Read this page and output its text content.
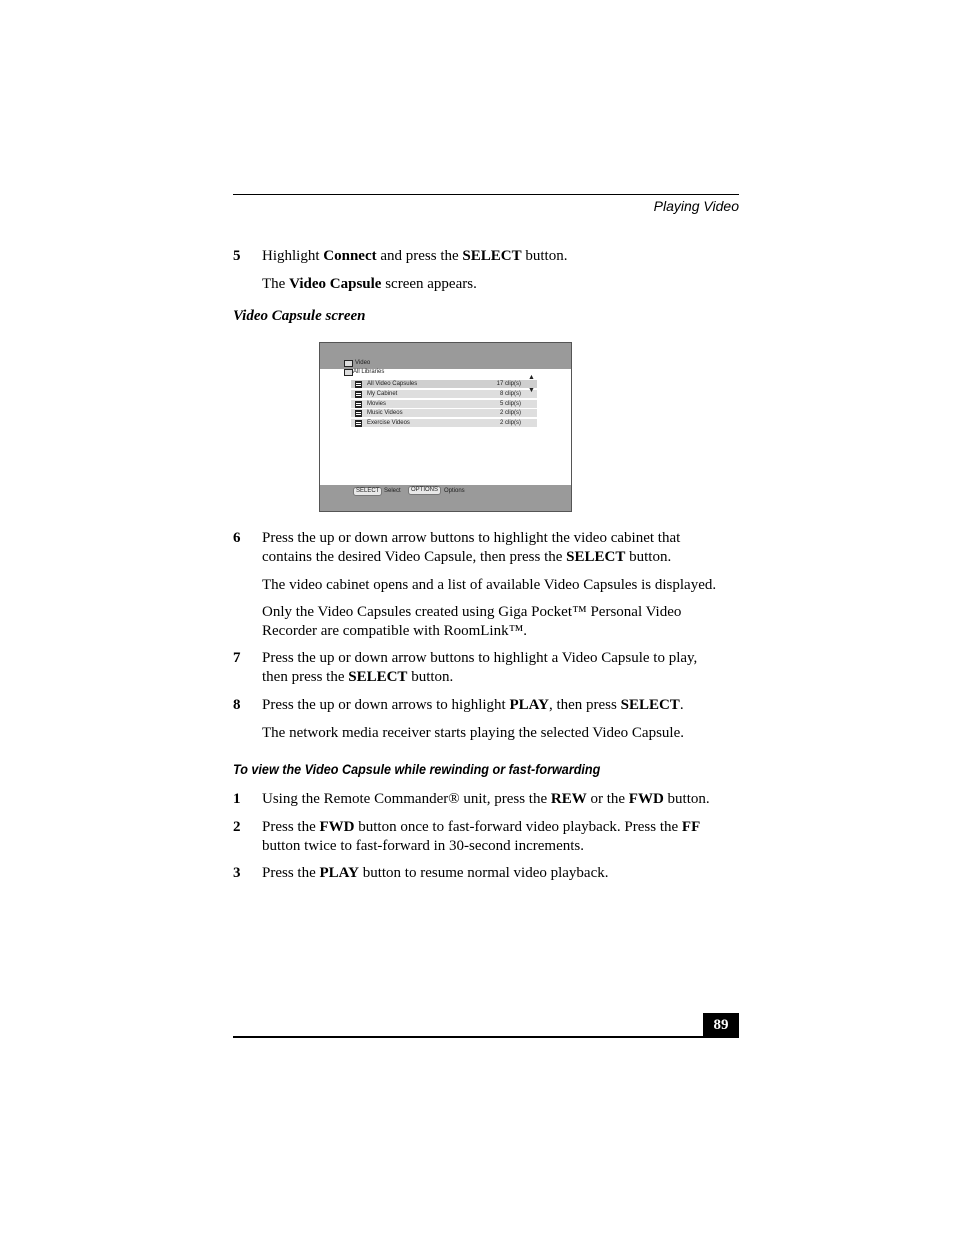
Playing Video
5 Highlight Connect and press the SELECT button.
The Video Capsule screen appears.
Video Capsule screen
Video
All Libraries
All Video Capsules	17 clip(s)
My Cabinet	8 clip(s)
Movies	5 clip(s)
Music Videos	2 clip(s)
Exercise Videos	2 clip(s)
▲
▼
SELECT Select	OPTIONS Options
6 Press the up or down arrow buttons to highlight the video cabinet that
contains the desired Video Capsule, then press the SELECT button.
The video cabinet opens and a list of available Video Capsules is displayed.
Only the Video Capsules created using Giga Pocket™ Personal Video
Recorder are compatible with RoomLink™.
7 Press the up or down arrow buttons to highlight a Video Capsule to play,
then press the SELECT button.
8 Press the up or down arrows to highlight PLAY, then press SELECT.
The network media receiver starts playing the selected Video Capsule.
To view the Video Capsule while rewinding or fast-forwarding
1 Using the Remote Commander® unit, press the REW or the FWD button.
2 Press the FWD button once to fast-forward video playback. Press the FF
button twice to fast-forward in 30-second increments.
3 Press the PLAY button to resume normal video playback.
89
